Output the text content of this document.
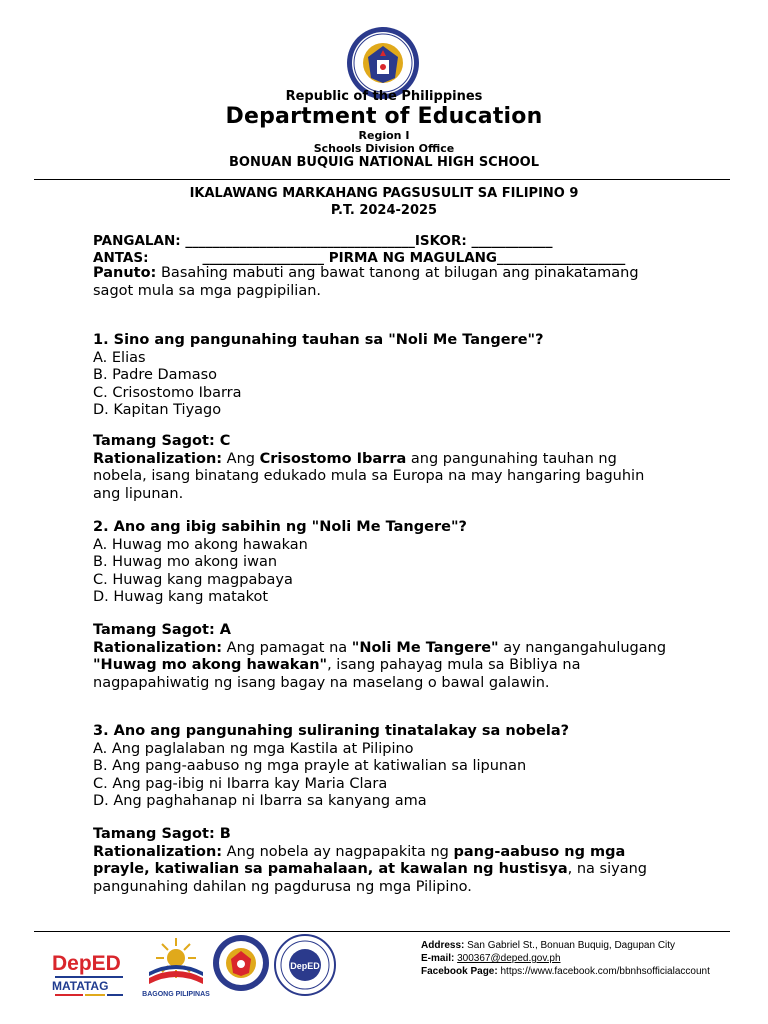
Republic of the Philippines
Department of Education
Region I
Schools Division Office
BONUAN BUQUIG NATIONAL HIGH SCHOOL
IKALAWANG MARKAHANG PAGSUSULIT SA FILIPINO 9
P.T. 2024-2025
PANGALAN: __________________________________ISKOR: ____________
ANTAS:	__________________ PIRMA NG MAGULANG___________________
Panuto: Basahing mabuti ang bawat tanong at bilugan ang pinakatamang sagot mula sa mga pagpipilian.
1. Sino ang pangunahing tauhan sa "Noli Me Tangere"?
A. Elias
B. Padre Damaso
C. Crisostomo Ibarra
D. Kapitan Tiyago
Tamang Sagot: C
Rationalization: Ang Crisostomo Ibarra ang pangunahing tauhan ng nobela, isang binatang edukado mula sa Europa na may hangaring baguhin ang lipunan.
2. Ano ang ibig sabihin ng "Noli Me Tangere"?
A. Huwag mo akong hawakan
B. Huwag mo akong iwan
C. Huwag kang magpabaya
D. Huwag kang matakot
Tamang Sagot: A
Rationalization: Ang pamagat na "Noli Me Tangere" ay nangangahulugang "Huwag mo akong hawakan", isang pahayag mula sa Bibliya na nagpapahiwatig ng isang bagay na maselang o bawal galawin.
3. Ano ang pangunahing suliraning tinatalakay sa nobela?
A. Ang paglalaban ng mga Kastila at Pilipino
B. Ang pang-aabuso ng mga prayle at katiwalian sa lipunan
C. Ang pag-ibig ni Ibarra kay Maria Clara
D. Ang paghahanap ni Ibarra sa kanyang ama
Tamang Sagot: B
Rationalization: Ang nobela ay nagpapakita ng pang-aabuso ng mga prayle, katiwalian sa pamahalaan, at kawalan ng hustisya, na siyang pangunahing dahilan ng pagdurusa ng mga Pilipino.
DepED
MATATAG
BAGONG PILIPINAS
DepED
Address: San Gabriel St., Bonuan Buquig, Dagupan City
E-mail: 300367@deped.gov.ph
Facebook Page: https://www.facebook.com/bbnhsofficialaccount
